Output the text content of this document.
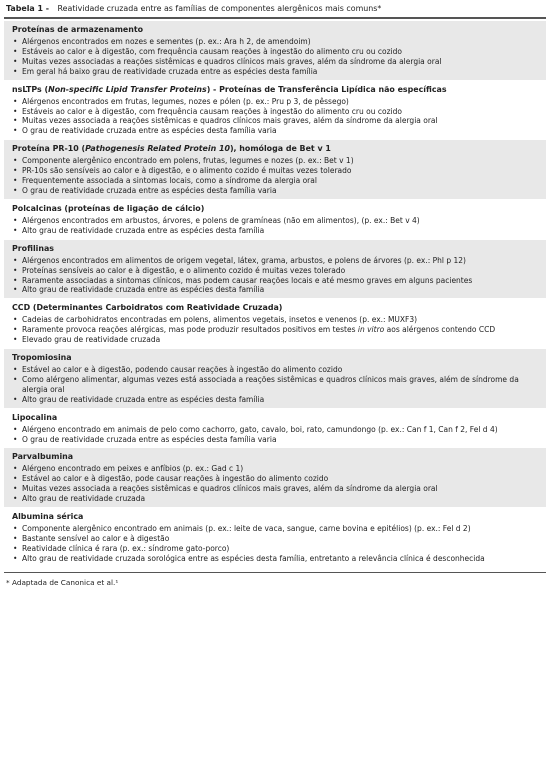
Tabela 1 - Reatividade cruzada entre as famílias de componentes alergênicos mais comuns*
Proteínas de armazenamento
• Alérgenos encontrados em nozes e sementes (p. ex.: Ara h 2, de amendoim)
• Estáveis ao calor e à digestão, com frequência causam reações à ingestão do alimento cru ou cozido
• Muitas vezes associadas a reações sistêmicas e quadros clínicos mais graves, além da síndrome da alergia oral
• Em geral há baixo grau de reatividade cruzada entre as espécies desta família
nsLTPs (Non-specific Lipid Transfer Proteins) - Proteínas de Transferência Lipídica não específicas
• Alérgenos encontrados em frutas, legumes, nozes e pólen (p. ex.: Pru p 3, de pêssego)
• Estáveis ao calor e à digestão, com frequência causam reações à ingestão do alimento cru ou cozido
• Muitas vezes associada a reações sistêmicas e quadros clínicos mais graves, além da síndrome da alergia oral
• O grau de reatividade cruzada entre as espécies desta família varia
Proteína PR-10 (Pathogenesis Related Protein 10), homóloga de Bet v 1
• Componente alergênico encontrado em polens, frutas, legumes e nozes (p. ex.: Bet v 1)
• PR-10s são sensíveis ao calor e à digestão, e o alimento cozido é muitas vezes tolerado
• Frequentemente associada a sintomas locais, como a síndrome da alergia oral
• O grau de reatividade cruzada entre as espécies desta família varia
Polcalcinas (proteínas de ligação de cálcio)
• Alérgenos encontrados em arbustos, árvores, e polens de gramíneas (não em alimentos), (p. ex.: Bet v 4)
• Alto grau de reatividade cruzada entre as espécies desta família
Profilinas
• Alérgenos encontrados em alimentos de origem vegetal, látex, grama, arbustos, e polens de árvores (p. ex.: Phl p 12)
• Proteínas sensíveis ao calor e à digestão, e o alimento cozido é muitas vezes tolerado
• Raramente associadas a sintomas clínicos, mas podem causar reações locais e até mesmo graves em alguns pacientes
• Alto grau de reatividade cruzada entre as espécies desta família
CCD (Determinantes Carboidratos com Reatividade Cruzada)
• Cadeias de carbohidratos encontradas em polens, alimentos vegetais, insetos e venenos (p. ex.: MUXF3)
• Raramente provoca reações alérgicas, mas pode produzir resultados positivos em testes in vitro aos alérgenos contendo CCD
• Elevado grau de reatividade cruzada
Tropomiosina
• Estável ao calor e à digestão, podendo causar reações à ingestão do alimento cozido
• Como alérgeno alimentar, algumas vezes está associada a reações sistêmicas e quadros clínicos mais graves, além de síndrome da alergia oral
• Alto grau de reatividade cruzada entre as espécies desta família
Lipocalina
• Alérgeno encontrado em animais de pelo como cachorro, gato, cavalo, boi, rato, camundongo (p. ex.: Can f 1, Can f 2, Fel d 4)
• O grau de reatividade cruzada entre as espécies desta família varia
Parvalbumina
• Alérgeno encontrado em peixes e anfíbios (p. ex.: Gad c 1)
• Estável ao calor e à digestão, pode causar reações à ingestão do alimento cozido
• Muitas vezes associada a reações sistêmicas e quadros clínicos mais graves, além da síndrome da alergia oral
• Alto grau de reatividade cruzada
Albumina sérica
• Componente alergênico encontrado em animais (p. ex.: leite de vaca, sangue, carne bovina e epitélios) (p. ex.: Fel d 2)
• Bastante sensível ao calor e à digestão
• Reatividade clínica é rara (p. ex.: síndrome gato-porco)
• Alto grau de reatividade cruzada sorológica entre as espécies desta família, entretanto a relevância clínica é desconhecida
* Adaptada de Canonica et al.¹
